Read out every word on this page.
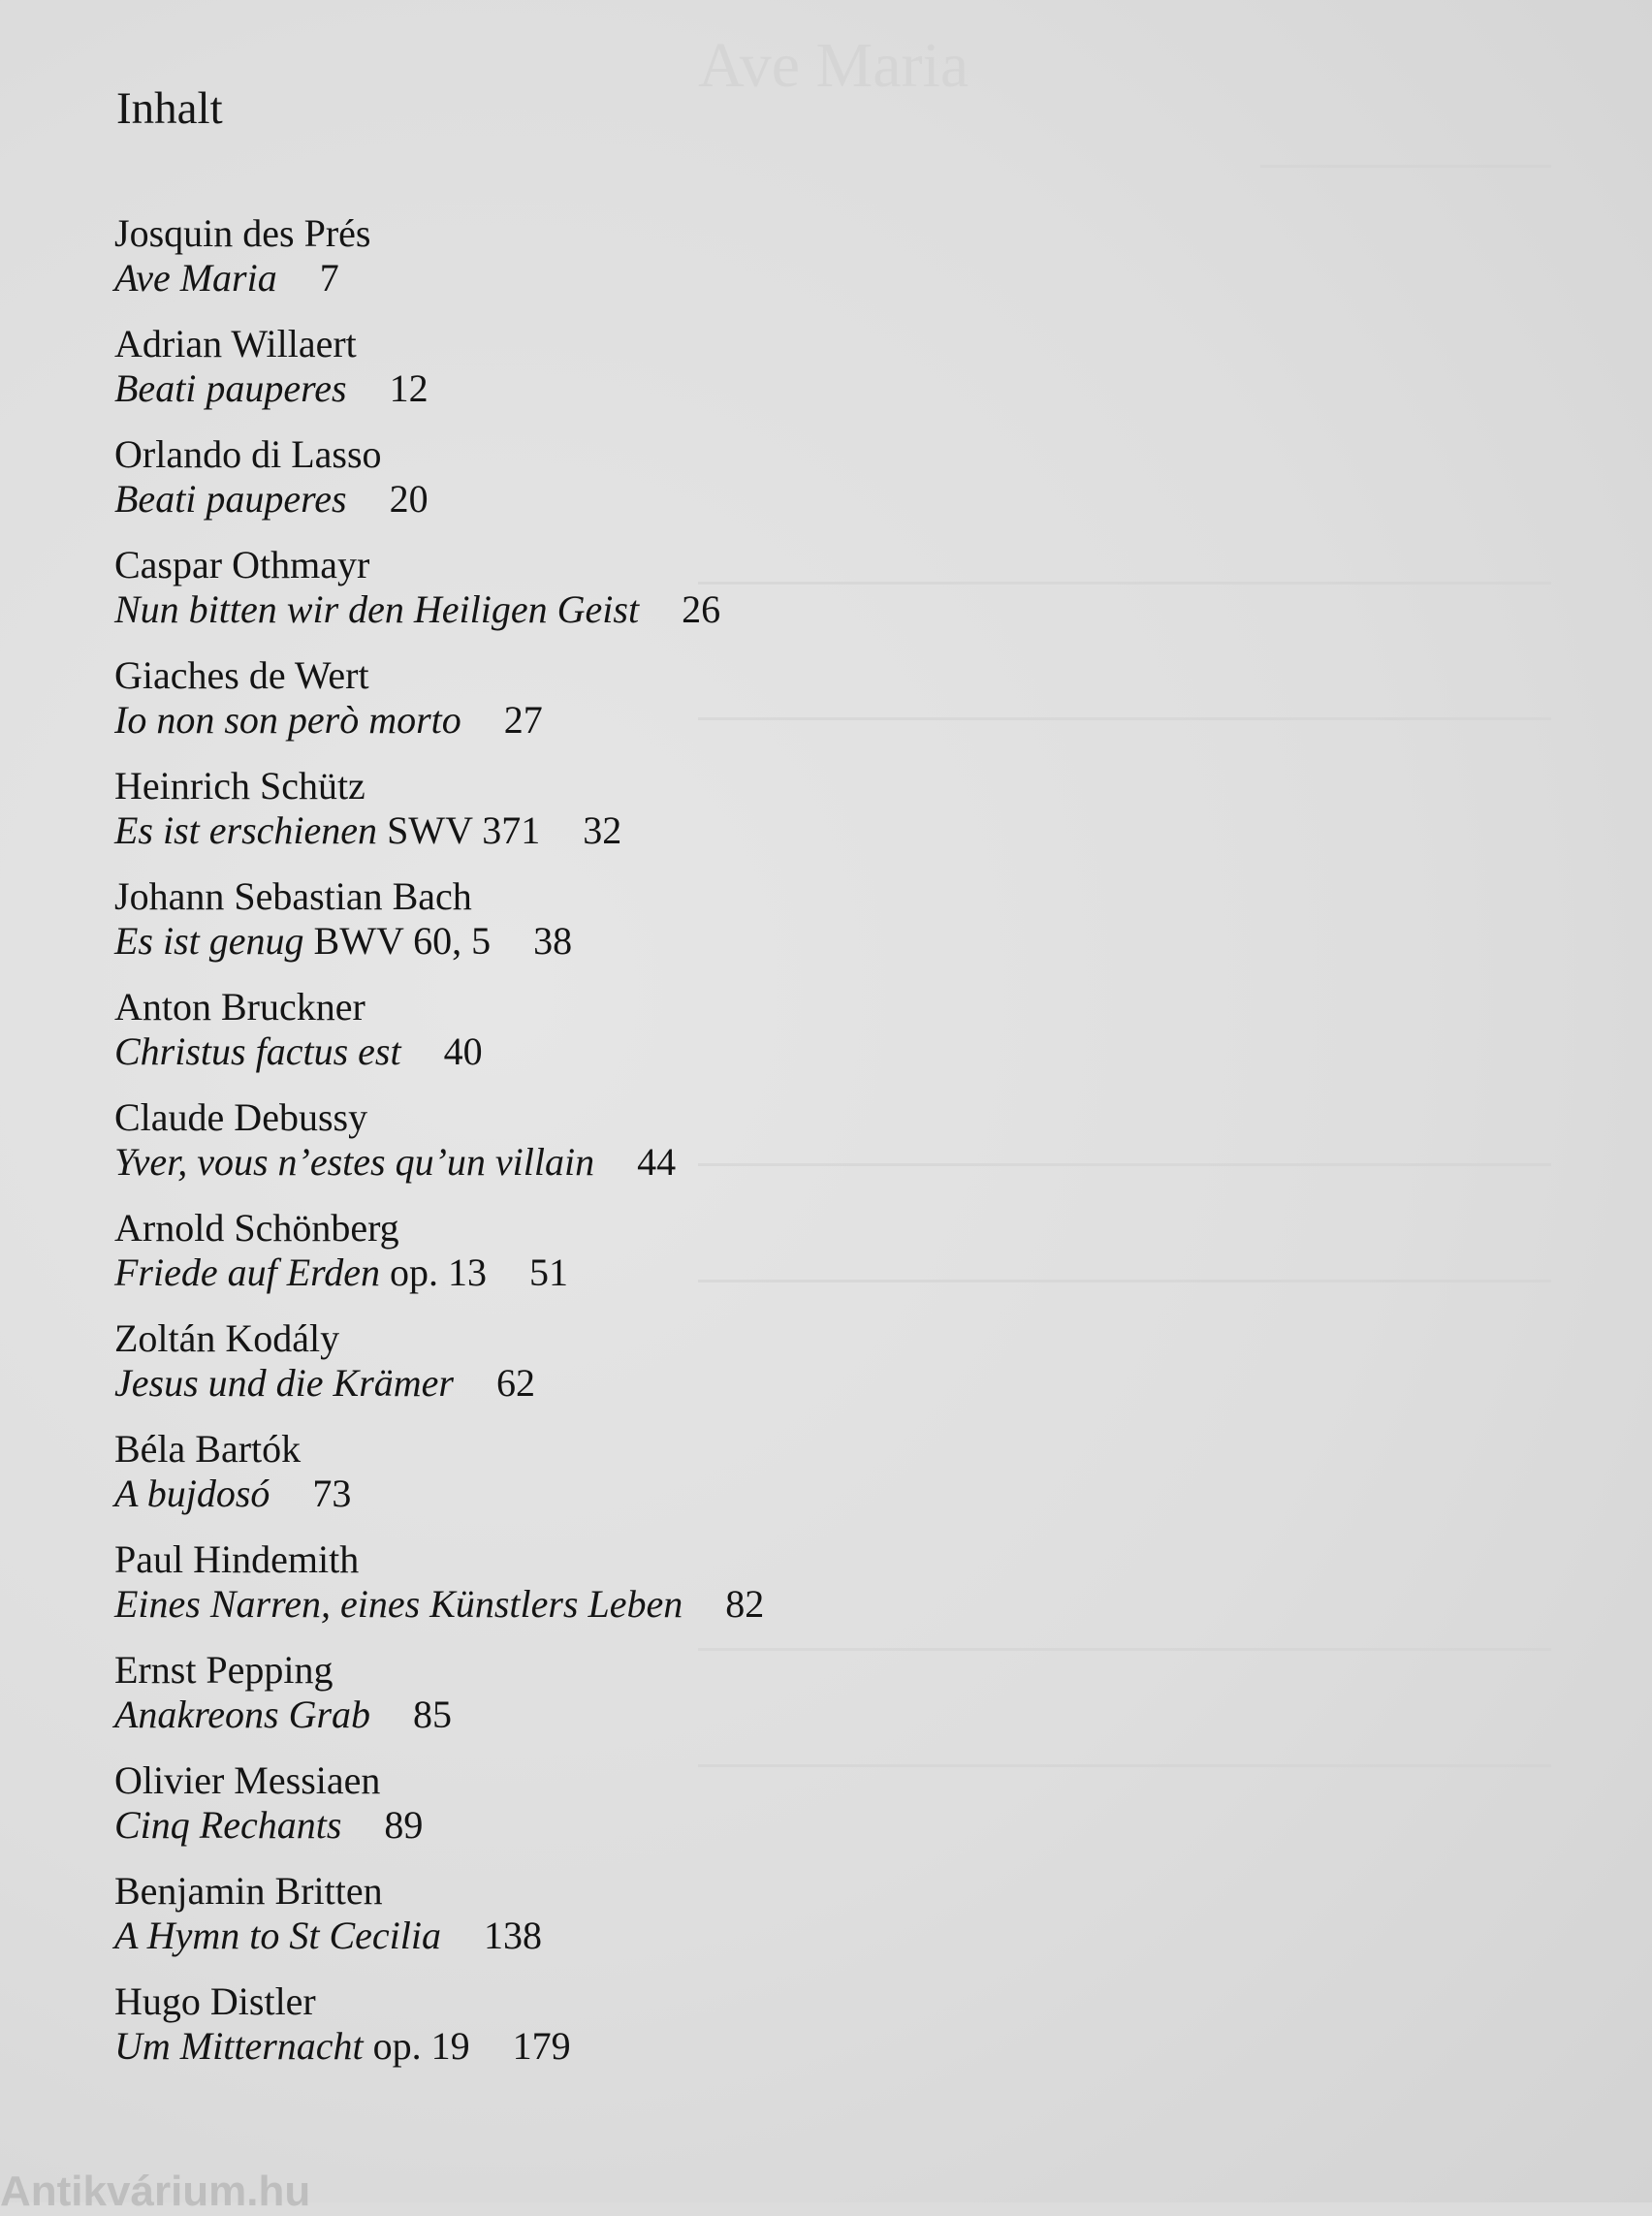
Ave Maria
Inhalt
Josquin des Prés
Ave Maria 7
Adrian Willaert
Beati pauperes 12
Orlando di Lasso
Beati pauperes 20
Caspar Othmayr
Nun bitten wir den Heiligen Geist 26
Giaches de Wert
Io non son però morto 27
Heinrich Schütz
Es ist erschienen SWV 371 32
Johann Sebastian Bach
Es ist genug BWV 60, 5 38
Anton Bruckner
Christus factus est 40
Claude Debussy
Yver, vous n’estes qu’un villain 44
Arnold Schönberg
Friede auf Erden op. 13 51
Zoltán Kodály
Jesus und die Krämer 62
Béla Bartók
A bujdosó 73
Paul Hindemith
Eines Narren, eines Künstlers Leben 82
Ernst Pepping
Anakreons Grab 85
Olivier Messiaen
Cinq Rechants 89
Benjamin Britten
A Hymn to St Cecilia 138
Hugo Distler
Um Mitternacht op. 19 179
Antikvárium.hu
